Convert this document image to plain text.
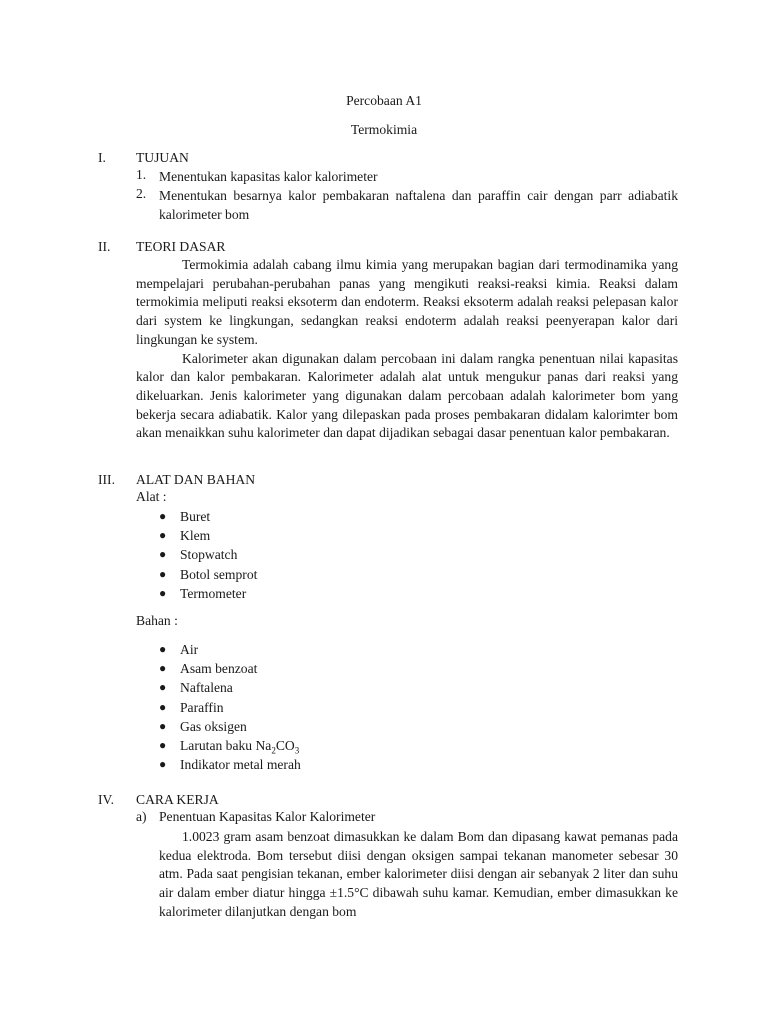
Percobaan A1
Termokimia
I.	TUJUAN
1. Menentukan kapasitas kalor kalorimeter
2. Menentukan besarnya kalor pembakaran naftalena dan paraffin cair dengan parr adiabatik kalorimeter bom
II.	TEORI DASAR

Termokimia adalah cabang ilmu kimia yang merupakan bagian dari termodinamika yang mempelajari perubahan-perubahan panas yang mengikuti reaksi-reaksi kimia. Reaksi dalam termokimia meliputi reaksi eksoterm dan endoterm. Reaksi eksoterm adalah reaksi pelepasan kalor dari system ke lingkungan, sedangkan reaksi endoterm adalah reaksi peenyerapan kalor dari lingkungan ke system.

Kalorimeter akan digunakan dalam percobaan ini dalam rangka penentuan nilai kapasitas kalor dan kalor pembakaran. Kalorimeter adalah alat untuk mengukur panas dari reaksi yang dikeluarkan. Jenis kalorimeter yang digunakan dalam percobaan adalah kalorimeter bom yang bekerja secara adiabatik. Kalor yang dilepaskan pada proses pembakaran didalam kalorimter bom akan menaikkan suhu kalorimeter dan dapat dijadikan sebagai dasar penentuan kalor pembakaran.

III.	ALAT DAN BAHAN
Alat :
● Buret
● Klem
● Stopwatch
● Botol semprot
● Termometer
Bahan :
● Air
● Asam benzoat
● Naftalena
● Paraffin
● Gas oksigen
● Larutan baku $Na_2CO_3$
● Indikator metal merah
IV.	CARA KERJA
a) Penentuan Kapasitas Kalor Kalorimeter

1.0023 gram asam benzoat dimasukkan ke dalam Bom dan dipasang kawat pemanas pada kedua elektroda. Bom tersebut diisi dengan oksigen sampai tekanan manometer sebesar 30 atm. Pada saat pengisian tekanan, ember kalorimeter diisi dengan air sebanyak 2 liter dan suhu air dalam ember diatur hingga ±1.5°C dibawah suhu kamar. Kemudian, ember dimasukkan ke kalorimeter dilanjutkan dengan bom
